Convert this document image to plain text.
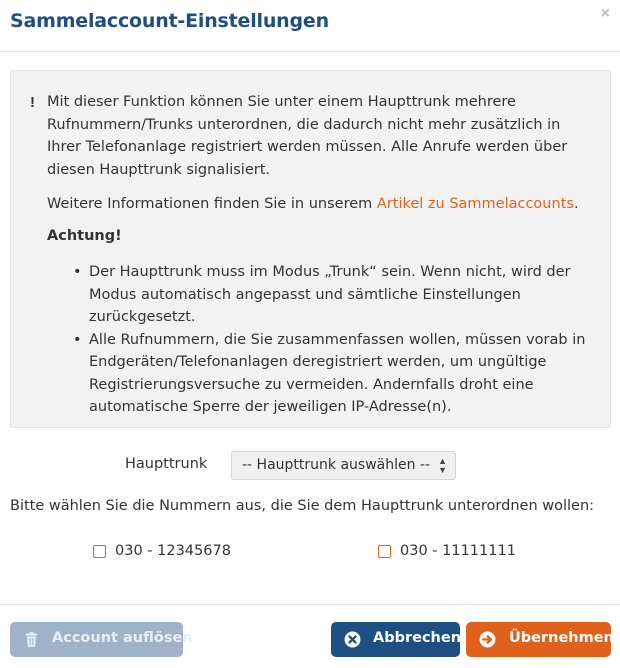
Sammelaccount-Einstellungen	×
! Mit dieser Funktion können Sie unter einem Haupttrunk mehrere Rufnummern/Trunks unterordnen, die dadurch nicht mehr zusätzlich in Ihrer Telefonanlage registriert werden müssen. Alle Anrufe werden über diesen Haupttrunk signalisiert.
Weitere Informationen finden Sie in unserem Artikel zu Sammelaccounts.
Achtung!
• Der Haupttrunk muss im Modus „Trunk“ sein. Wenn nicht, wird der Modus automatisch angepasst und sämtliche Einstellungen zurückgesetzt.
• Alle Rufnummern, die Sie zusammenfassen wollen, müssen vorab in Endgeräten/Telefonanlagen deregistriert werden, um ungültige Registrierungsversuche zu vermeiden. Andernfalls droht eine automatische Sperre der jeweiligen IP-Adresse(n).
Haupttrunk -- Haupttrunk auswählen -- ▲
▼
Bitte wählen Sie die Nummern aus, die Sie dem Haupttrunk unterordnen wollen:
030 - 12345678	030 - 11111111
Account auflösen	Abbrechen	Übernehmen
